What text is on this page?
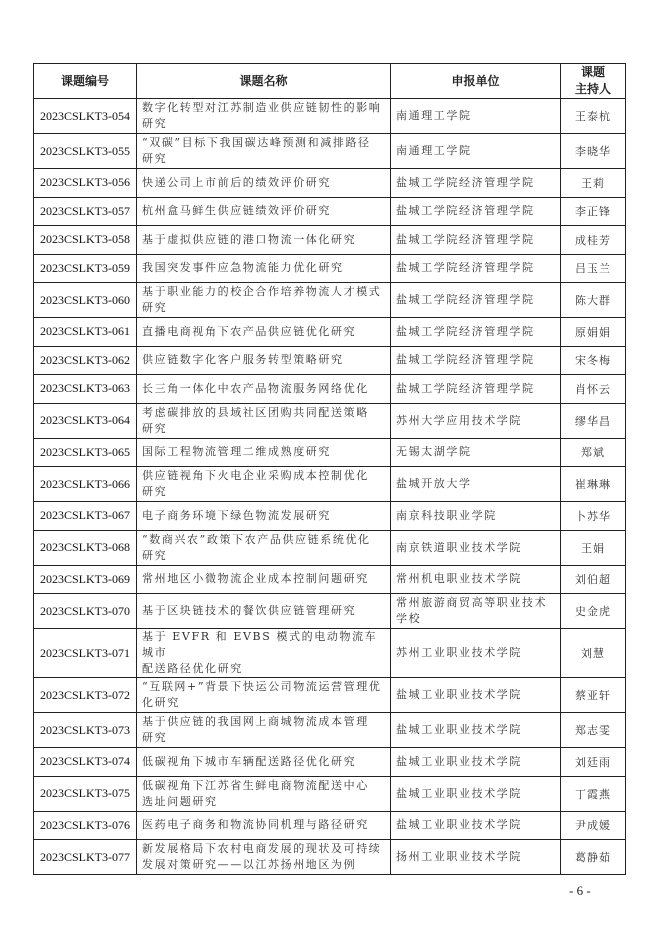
课题编号	课题名称	申报单位	课题
主持人
2023CSLKT3-054	数字化转型对江苏制造业供应链韧性的影响
研究	南通理工学院	王泰杭
2023CSLKT3-055	“双碳”目标下我国碳达峰预测和减排路径
研究	南通理工学院	李晓华
2023CSLKT3-056	快递公司上市前后的绩效评价研究	盐城工学院经济管理学院	王莉
2023CSLKT3-057	杭州盒马鲜生供应链绩效评价研究	盐城工学院经济管理学院	李正锋
2023CSLKT3-058	基于虚拟供应链的港口物流一体化研究	盐城工学院经济管理学院	成桂芳
2023CSLKT3-059	我国突发事件应急物流能力优化研究	盐城工学院经济管理学院	吕玉兰
2023CSLKT3-060	基于职业能力的校企合作培养物流人才模式
研究	盐城工学院经济管理学院	陈大群
2023CSLKT3-061	直播电商视角下农产品供应链优化研究	盐城工学院经济管理学院	原娟娟
2023CSLKT3-062	供应链数字化客户服务转型策略研究	盐城工学院经济管理学院	宋冬梅
2023CSLKT3-063	长三角一体化中农产品物流服务网络优化	盐城工学院经济管理学院	肖怀云
2023CSLKT3-064	考虑碳排放的县域社区团购共同配送策略
研究	苏州大学应用技术学院	缪华昌
2023CSLKT3-065	国际工程物流管理二维成熟度研究	无锡太湖学院	郑斌
2023CSLKT3-066	供应链视角下火电企业采购成本控制优化
研究	盐城开放大学	崔琳琳
2023CSLKT3-067	电子商务环境下绿色物流发展研究	南京科技职业学院	卜苏华
2023CSLKT3-068	“数商兴农”政策下农产品供应链系统优化
研究	南京铁道职业技术学院	王娟
2023CSLKT3-069	常州地区小微物流企业成本控制问题研究	常州机电职业技术学院	刘伯超
2023CSLKT3-070	基于区块链技术的餐饮供应链管理研究	常州旅游商贸高等职业技术
学校	史金虎
2023CSLKT3-071	基于 EVFR 和 EVBS 模式的电动物流车城市
配送路径优化研究	苏州工业职业技术学院	刘慧
2023CSLKT3-072	“互联网+”背景下快运公司物流运营管理优
化研究	盐城工业职业技术学院	蔡亚轩
2023CSLKT3-073	基于供应链的我国网上商城物流成本管理
研究	盐城工业职业技术学院	郑志雯
2023CSLKT3-074	低碳视角下城市车辆配送路径优化研究	盐城工业职业技术学院	刘廷雨
2023CSLKT3-075	低碳视角下江苏省生鲜电商物流配送中心
选址问题研究	盐城工业职业技术学院	丁霞燕
2023CSLKT3-076	医药电子商务和物流协同机理与路径研究	盐城工业职业技术学院	尹成媛
2023CSLKT3-077	新发展格局下农村电商发展的现状及可持续
发展对策研究——以江苏扬州地区为例	扬州工业职业技术学院	葛静茹
- 6 -
